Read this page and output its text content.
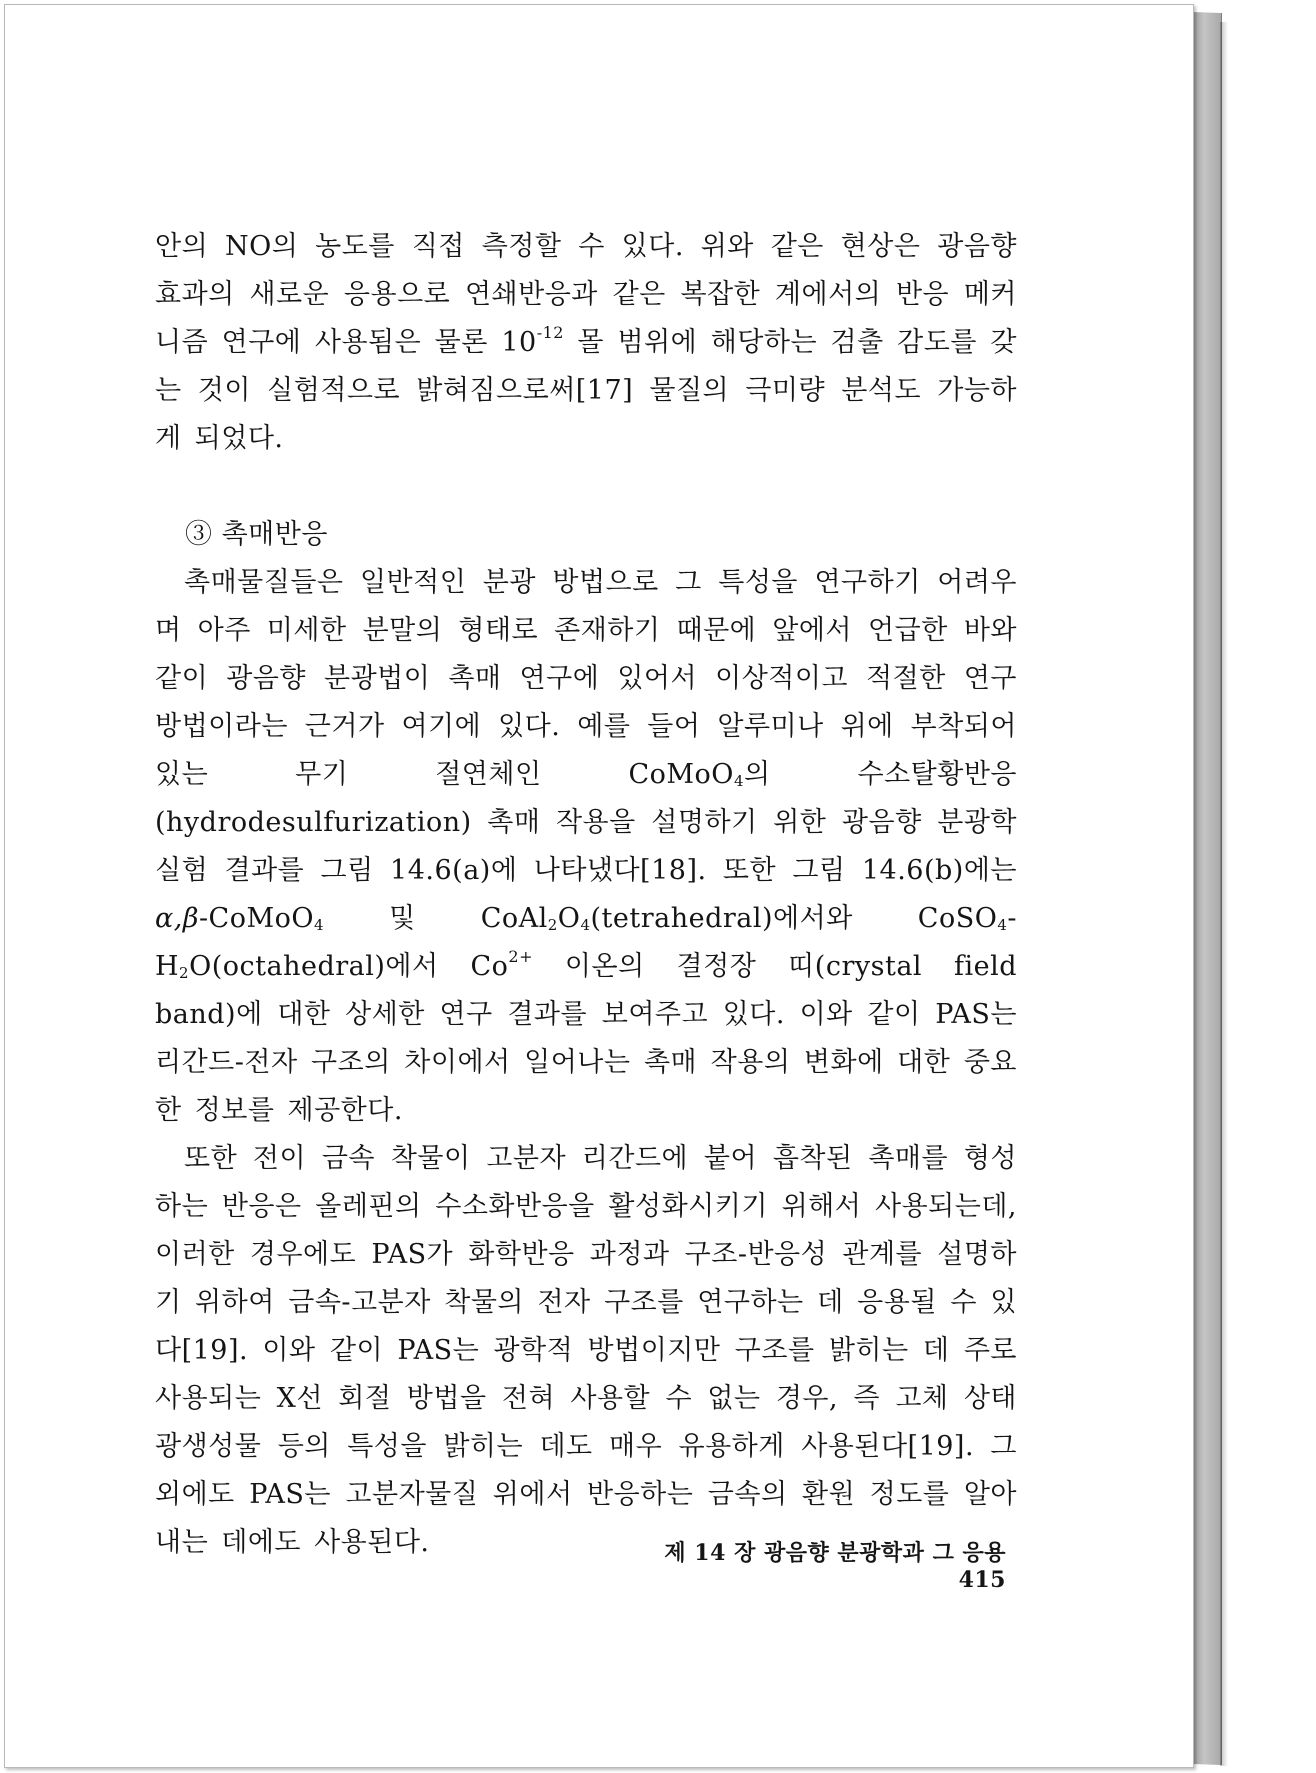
안의 NO의 농도를 직접 측정할 수 있다. 위와 같은 현상은 광음향 효과의 새로운 응용으로 연쇄반응과 같은 복잡한 계에서의 반응 메커니즘 연구에 사용됨은 물론 $10^{-12}$ 몰 범위에 해당하는 검출 감도를 갖는 것이 실험적으로 밝혀짐으로써[17] 물질의 극미량 분석도 가능하게 되었다.

③ 촉매반응

촉매물질들은 일반적인 분광 방법으로 그 특성을 연구하기 어려우며 아주 미세한 분말의 형태로 존재하기 때문에 앞에서 언급한 바와 같이 광음향 분광법이 촉매 연구에 있어서 이상적이고 적절한 연구 방법이라는 근거가 여기에 있다. 예를 들어 알루미나 위에 부착되어 있는 무기 절연체인 CoMoO$_4$의 수소탈황반응(hydrodesulfurization) 촉매 작용을 설명하기 위한 광음향 분광학 실험 결과를 그림 14.6(a)에 나타냈다[18]. 또한 그림 14.6(b)에는 α,β-CoMoO$_4$ 및 $CoAl_2O_4(tetrahedral)$에서와 $CoSO_4-H_2O(octahedral)$에서 $Co^{2+}$ 이온의 결정장 띠(crystal field band)에 대한 상세한 연구 결과를 보여주고 있다. 이와 같이 PAS는 리간드-전자 구조의 차이에서 일어나는 촉매 작용의 변화에 대한 중요한 정보를 제공한다.

또한 전이 금속 착물이 고분자 리간드에 붙어 흡착된 촉매를 형성하는 반응은 올레핀의 수소화반응을 활성화시키기 위해서 사용되는데, 이러한 경우에도 PAS가 화학반응 과정과 구조-반응성 관계를 설명하기 위하여 금속-고분자 착물의 전자 구조를 연구하는 데 응용될 수 있다[19]. 이와 같이 PAS는 광학적 방법이지만 구조를 밝히는 데 주로 사용되는 X선 회절 방법을 전혀 사용할 수 없는 경우, 즉 고체 상태 광생성물 등의 특성을 밝히는 데도 매우 유용하게 사용된다[19]. 그 외에도 PAS는 고분자물질 위에서 반응하는 금속의 환원 정도를 알아내는 데에도 사용된다.	제 14 장 광음향 분광학과 그 응용415
